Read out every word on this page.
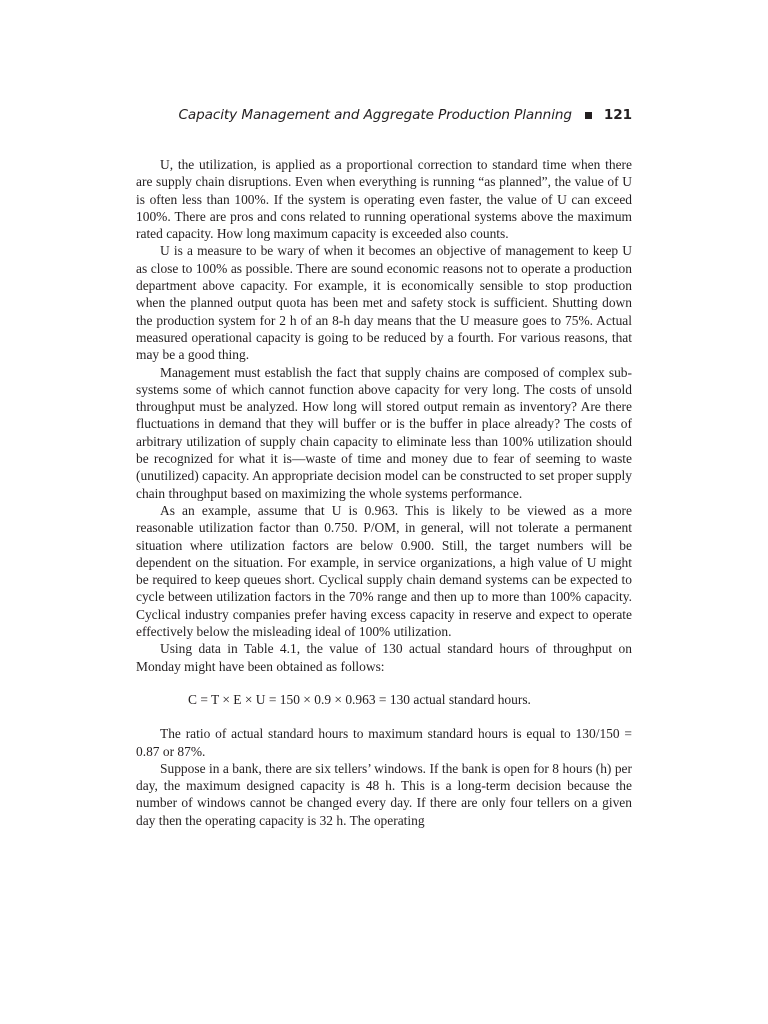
Capacity Management and Aggregate Production Planning 121

U, the utilization, is applied as a proportional correction to standard time when there are supply chain disruptions. Even when everything is running “as planned”, the value of U is often less than 100%. If the system is operating even faster, the value of U can exceed 100%. There are pros and cons related to running operational systems above the maximum rated capacity. How long maximum capacity is exceeded also counts.

U is a measure to be wary of when it becomes an objective of management to keep U as close to 100% as possible. There are sound economic reasons not to operate a production department above capacity. For example, it is economically sensible to stop production when the planned output quota has been met and safety stock is sufficient. Shutting down the production system for 2 h of an 8-h day means that the U measure goes to 75%. Actual measured operational capacity is going to be reduced by a fourth. For various reasons, that may be a good thing.

Management must establish the fact that supply chains are composed of complex sub-systems some of which cannot function above capacity for very long. The costs of unsold throughput must be analyzed. How long will stored output remain as inventory? Are there fluctuations in demand that they will buffer or is the buffer in place already? The costs of arbitrary utilization of supply chain capacity to eliminate less than 100% utilization should be recognized for what it is—waste of time and money due to fear of seeming to waste (unutilized) capacity. An appropriate decision model can be constructed to set proper supply chain throughput based on maximizing the whole systems performance.

As an example, assume that U is 0.963. This is likely to be viewed as a more reasonable utilization factor than 0.750. P/OM, in general, will not tolerate a permanent situation where utilization factors are below 0.900. Still, the target numbers will be dependent on the situation. For example, in service organizations, a high value of U might be required to keep queues short. Cyclical supply chain demand systems can be expected to cycle between utilization factors in the 70% range and then up to more than 100% capacity. Cyclical industry companies prefer having excess capacity in reserve and expect to operate effectively below the misleading ideal of 100% utilization.

Using data in Table 4.1, the value of 130 actual standard hours of throughput on Monday might have been obtained as follows:

C = T × E × U = 150 × 0.9 × 0.963 = 130 actual standard hours.

The ratio of actual standard hours to maximum standard hours is equal to 130/150 = 0.87 or 87%.

Suppose in a bank, there are six tellers’ windows. If the bank is open for 8 hours (h) per day, the maximum designed capacity is 48 h. This is a long-term decision because the number of windows cannot be changed every day. If there are only four tellers on a given day then the operating capacity is 32 h. The operating
